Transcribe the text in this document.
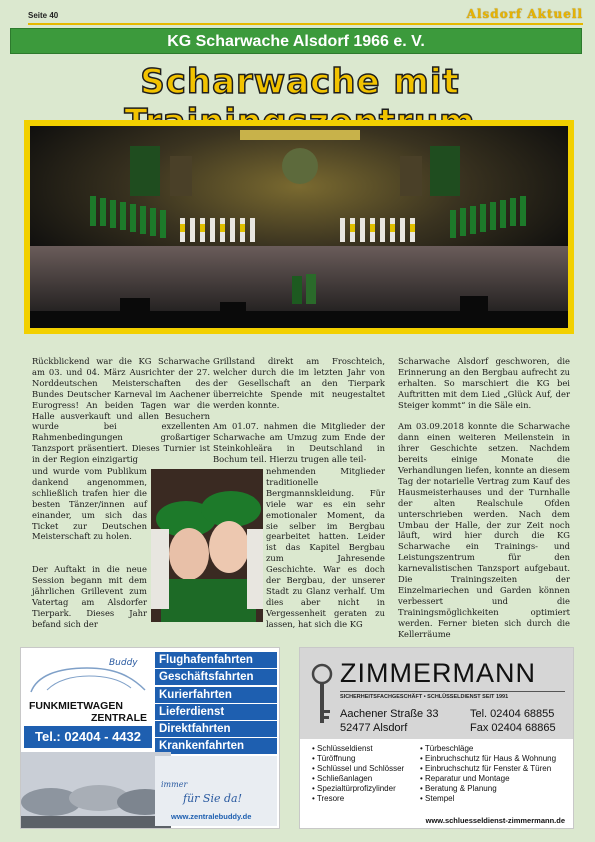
Seite 40	Alsdorf Aktuell
KG Scharwache Alsdorf 1966 e. V.
Scharwache mit

Rückblickend war die KG Scharwache am 03. und 04. März Ausrichter der 27. Norddeutschen Meisterschaften des Bundes Deutscher Karneval im Aachener Eurogress! An beiden Tagen war die Halle ausverkauft und allen Besuchern wurde bei exzellenten Rahmenbedingungen großartiger Tanzsport präsentiert. Dieses Turnier ist in der Region einzigartig

und wurde vom Publikum dankend angenommen, schließlich trafen hier die besten Tänzer/innen auf einander, um sich das Ticket zur Deutschen Meisterschaft zu holen.

Der Auftakt in die neue Session begann mit dem jährlichen Grillevent zum Vatertag am Alsdorfer Tierpark. Dieses Jahr befand sich der

Grillstand direkt am Froschteich, welcher durch die im letzten Jahr von der Gesellschaft an den Tierpark überreichte Spende mit neugestaltet werden konnte.

Am 01.07. nahmen die Mitglieder der Scharwache am Umzug zum Ende der Steinkohleära in Deutschland in Bochum teil. Hierzu trugen alle teil-

nehmenden Mitglieder traditionelle Bergmannskleidung. Für viele war es ein sehr emotionaler Moment, da sie selber im Bergbau gearbeitet hatten. Leider ist das Kapitel Bergbau zum Jahresende Geschichte. War es doch der Bergbau, der unserer Stadt zu Glanz verhalf. Um dies aber nicht in Vergessenheit geraten zu lassen, hat sich die KG

Scharwache Alsdorf geschworen, die Erinnerung an den Bergbau aufrecht zu erhalten. So marschiert die KG bei Auftritten mit dem Lied „Glück Auf, der Steiger kommt“ in die Säle ein.

Am 03.09.2018 konnte die Scharwache dann einen weiteren Meilenstein in ihrer Geschichte setzen. Nachdem bereits einige Monate die Verhandlungen liefen, konnte an diesem Tag der notarielle Vertrag zum Kauf des Hausmeisterhauses und der Turnhalle der alten Realschule Ofden unterschrieben werden. Nach dem Umbau der Halle, der zur Zeit noch läuft, wird hier durch die KG Scharwache ein Trainings- und Leistungszentrum für den karnevalistischen Tanzsport aufgebaut. Die Trainingszeiten der Einzelmariechen und Garden können verbessert und die Trainingsmöglichkeiten optimiert werden. Ferner bieten sich durch die Kellerräume

Buddy
FUNKMIETWAGEN
ZENTRALE
Tel.: 02404 - 4432
Flughafenfahrten
Geschäftsfahrten
Kurierfahrten
Lieferdienst
Direktfahrten
Krankenfahrten
immer
für Sie da!
www.zentralebuddy.de
ZIMMERMANN
SICHERHEITSFACHGESCHÄFT • SCHLÜSSELDIENST SEIT 1991
Aachener Straße 33
52477 Alsdorf
Tel. 02404 68855
Fax 02404 68865
• Schlüsseldienst
• Türöffnung
• Schlüssel und Schlösser
• Schließanlagen
• Spezialtürprofizylinder
• Tresore
• Türbeschläge
• Einbruchschutz für Haus & Wohnung
• Einbruchschutz für Fenster & Türen
• Reparatur und Montage
• Beratung & Planung
• Stempel
www.schluesseldienst-zimmermann.de
